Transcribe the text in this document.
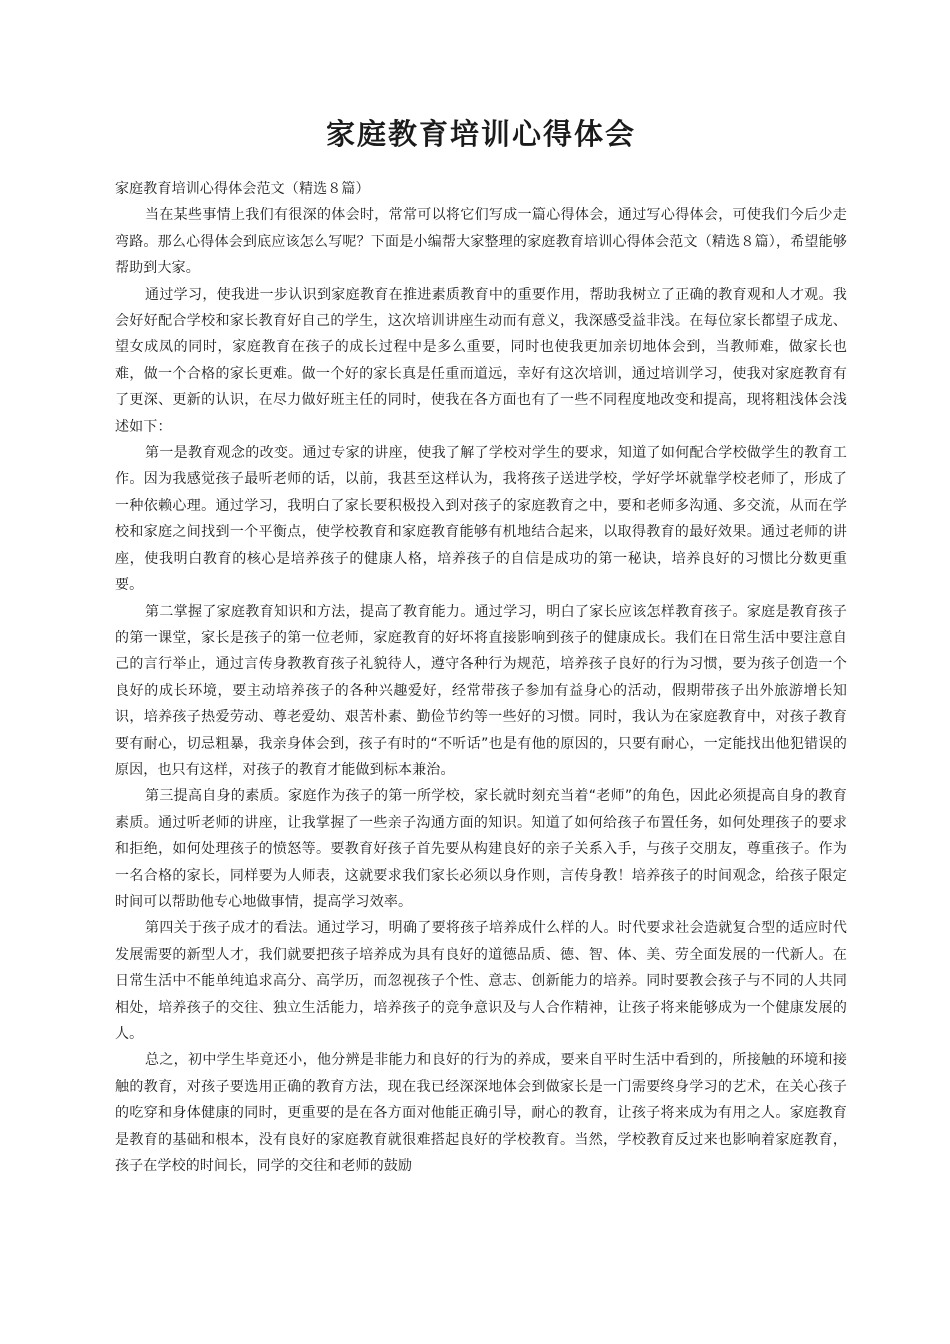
家庭教育培训心得体会

家庭教育培训心得体会范文（精选８篇）

当在某些事情上我们有很深的体会时，常常可以将它们写成一篇心得体会，通过写心得体会，可使我们今后少走弯路。那么心得体会到底应该怎么写呢？下面是小编帮大家整理的家庭教育培训心得体会范文（精选８篇），希望能够帮助到大家。

通过学习，使我进一步认识到家庭教育在推进素质教育中的重要作用，帮助我树立了正确的教育观和人才观。我会好好配合学校和家长教育好自己的学生，这次培训讲座生动而有意义，我深感受益非浅。在每位家长都望子成龙、望女成凤的同时，家庭教育在孩子的成长过程中是多么重要，同时也使我更加亲切地体会到，当教师难，做家长也难，做一个合格的家长更难。做一个好的家长真是任重而道远，幸好有这次培训，通过培训学习，使我对家庭教育有了更深、更新的认识，在尽力做好班主任的同时，使我在各方面也有了一些不同程度地改变和提高，现将粗浅体会浅述如下：

第一是教育观念的改变。通过专家的讲座，使我了解了学校对学生的要求，知道了如何配合学校做学生的教育工作。因为我感觉孩子最听老师的话，以前，我甚至这样认为，我将孩子送进学校，学好学坏就靠学校老师了，形成了一种依赖心理。通过学习，我明白了家长要积极投入到对孩子的家庭教育之中，要和老师多沟通、多交流，从而在学校和家庭之间找到一个平衡点，使学校教育和家庭教育能够有机地结合起来，以取得教育的最好效果。通过老师的讲座，使我明白教育的核心是培养孩子的健康人格，培养孩子的自信是成功的第一秘诀，培养良好的习惯比分数更重要。

第二掌握了家庭教育知识和方法，提高了教育能力。通过学习，明白了家长应该怎样教育孩子。家庭是教育孩子的第一课堂，家长是孩子的第一位老师，家庭教育的好坏将直接影响到孩子的健康成长。我们在日常生活中要注意自己的言行举止，通过言传身教教育孩子礼貌待人，遵守各种行为规范，培养孩子良好的行为习惯，要为孩子创造一个良好的成长环境，要主动培养孩子的各种兴趣爱好，经常带孩子参加有益身心的活动，假期带孩子出外旅游增长知识，培养孩子热爱劳动、尊老爱幼、艰苦朴素、勤俭节约等一些好的习惯。同时，我认为在家庭教育中，对孩子教育要有耐心，切忌粗暴，我亲身体会到，孩子有时的“不听话”也是有他的原因的，只要有耐心，一定能找出他犯错误的原因，也只有这样，对孩子的教育才能做到标本兼治。

第三提高自身的素质。家庭作为孩子的第一所学校，家长就时刻充当着“老师”的角色，因此必须提高自身的教育素质。通过听老师的讲座，让我掌握了一些亲子沟通方面的知识。知道了如何给孩子布置任务，如何处理孩子的要求和拒绝，如何处理孩子的愤怒等。要教育好孩子首先要从构建良好的亲子关系入手，与孩子交朋友，尊重孩子。作为一名合格的家长，同样要为人师表，这就要求我们家长必须以身作则，言传身教！培养孩子的时间观念，给孩子限定时间可以帮助他专心地做事情，提高学习效率。

第四关于孩子成才的看法。通过学习，明确了要将孩子培养成什么样的人。时代要求社会造就复合型的适应时代发展需要的新型人才，我们就要把孩子培养成为具有良好的道德品质、德、智、体、美、劳全面发展的一代新人。在日常生活中不能单纯追求高分、高学历，而忽视孩子个性、意志、创新能力的培养。同时要教会孩子与不同的人共同相处，培养孩子的交往、独立生活能力，培养孩子的竞争意识及与人合作精神，让孩子将来能够成为一个健康发展的人。

总之，初中学生毕竟还小，他分辨是非能力和良好的行为的养成，要来自平时生活中看到的，所接触的环境和接触的教育，对孩子要选用正确的教育方法，现在我已经深深地体会到做家长是一门需要终身学习的艺术，在关心孩子的吃穿和身体健康的同时，更重要的是在各方面对他能正确引导，耐心的教育，让孩子将来成为有用之人。家庭教育是教育的基础和根本，没有良好的家庭教育就很难搭起良好的学校教育。当然，学校教育反过来也影响着家庭教育，孩子在学校的时间长，同学的交往和老师的鼓励
